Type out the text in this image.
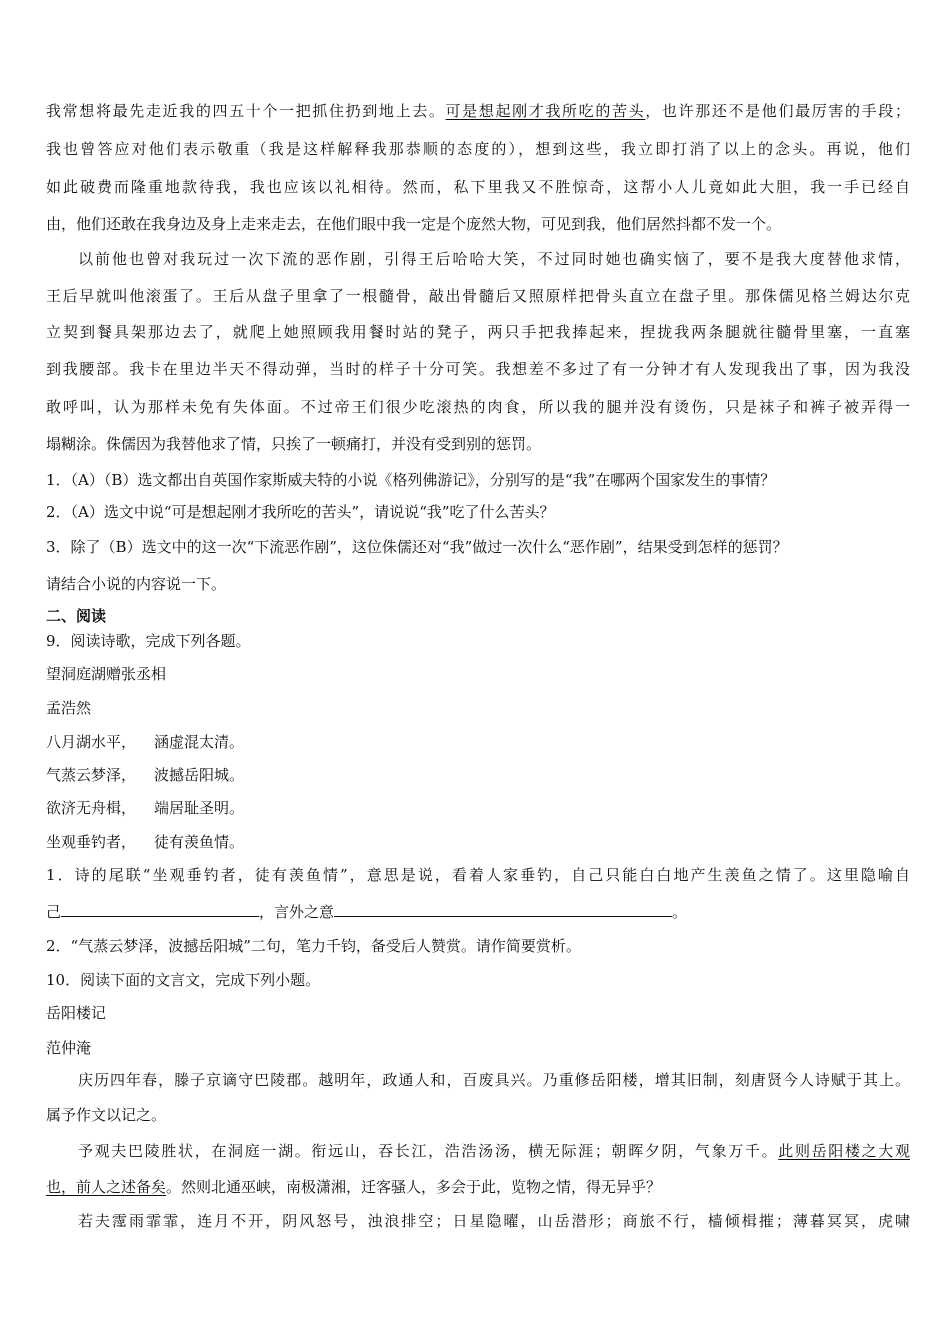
我常想将最先走近我的四五十个一把抓住扔到地上去。可是想起刚才我所吃的苦头，也许那还不是他们最厉害的手段；
我也曾答应对他们表示敬重（我是这样解释我那恭顺的态度的），想到这些，我立即打消了以上的念头。再说，他们
如此破费而隆重地款待我，我也应该以礼相待。然而，私下里我又不胜惊奇，这帮小人儿竟如此大胆，我一手已经自
由，他们还敢在我身边及身上走来走去，在他们眼中我一定是个庞然大物，可见到我，他们居然抖都不发一个。
以前他也曾对我玩过一次下流的恶作剧，引得王后哈哈大笑，不过同时她也确实恼了，要不是我大度替他求情，
王后早就叫他滚蛋了。王后从盘子里拿了一根髓骨，敲出骨髓后又照原样把骨头直立在盘子里。那侏儒见格兰姆达尔克
立契到餐具架那边去了，就爬上她照顾我用餐时站的凳子，两只手把我捧起来，捏拢我两条腿就往髓骨里塞，一直塞
到我腰部。我卡在里边半天不得动弹，当时的样子十分可笑。我想差不多过了有一分钟才有人发现我出了事，因为我没
敢呼叫，认为那样未免有失体面。不过帝王们很少吃滚热的肉食，所以我的腿并没有烫伤，只是袜子和裤子被弄得一
塌糊涂。侏儒因为我替他求了情，只挨了一顿痛打，并没有受到别的惩罚。
1．（A）（B）选文都出自英国作家斯威夫特的小说《格列佛游记》，分别写的是“我”在哪两个国家发生的事情？
2．（A）选文中说“可是想起刚才我所吃的苦头”，请说说“我”吃了什么苦头？
3．除了（B）选文中的这一次“下流恶作剧”，这位侏儒还对“我”做过一次什么“恶作剧”，结果受到怎样的惩罚？
请结合小说的内容说一下。
二、阅读
9．阅读诗歌，完成下列各题。
望洞庭湖赠张丞相
孟浩然
八月湖水平， 涵虚混太清。
气蒸云梦泽， 波撼岳阳城。
欲济无舟楫， 端居耻圣明。
坐观垂钓者， 徒有羡鱼情。
1．诗的尾联“坐观垂钓者，徒有羡鱼情”，意思是说，看着人家垂钓，自己只能白白地产生羡鱼之情了。这里隐喻自
己	，言外之意	。
2．“气蒸云梦泽，波撼岳阳城”二句，笔力千钧，备受后人赞赏。请作简要赏析。
10．阅读下面的文言文，完成下列小题。
岳阳楼记
范仲淹
庆历四年春，滕子京谪守巴陵郡。越明年，政通人和，百废具兴。乃重修岳阳楼，增其旧制，刻唐贤今人诗赋于其上。
属予作文以记之。
予观夫巴陵胜状，在洞庭一湖。衔远山，吞长江，浩浩汤汤，横无际涯；朝晖夕阴，气象万千。此则岳阳楼之大观
也，前人之述备矣。然则北通巫峡，南极潇湘，迁客骚人，多会于此，览物之情，得无异乎？
若夫霪雨霏霏，连月不开，阴风怒号，浊浪排空；日星隐曜，山岳潜形；商旅不行，樯倾楫摧；薄暮冥冥，虎啸
